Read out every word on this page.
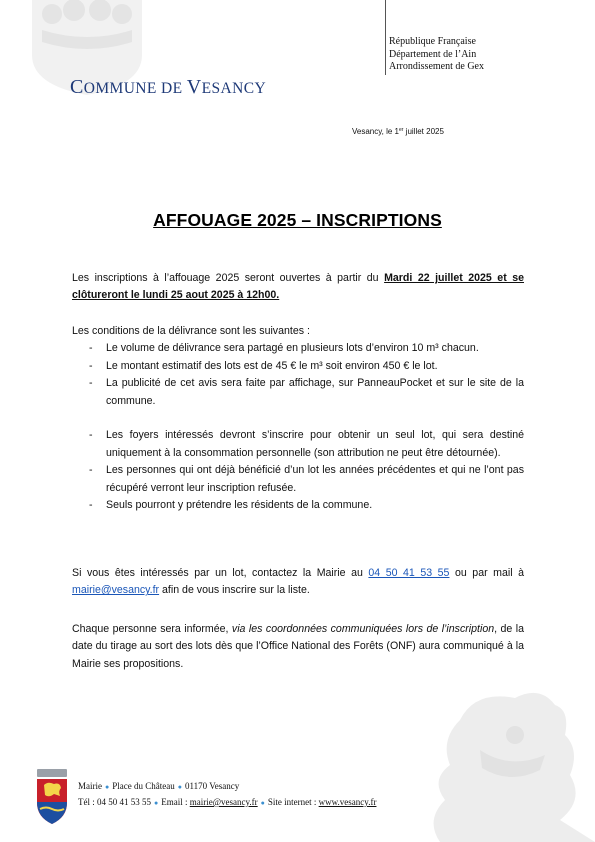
République Française
Département de l’Ain
Arrondissement de Gex
COMMUNE DE VESANCY
Vesancy, le 1er juillet 2025
AFFOUAGE 2025 – INSCRIPTIONS
Les inscriptions à l’affouage 2025 seront ouvertes à partir du Mardi 22 juillet 2025 et se clôtureront le lundi 25 aout 2025 à 12h00.
Les conditions de la délivrance sont les suivantes :
- Le volume de délivrance sera partagé en plusieurs lots d’environ 10 m³ chacun.
- Le montant estimatif des lots est de 45 € le m³ soit environ 450 € le lot.
- La publicité de cet avis sera faite par affichage, sur PanneauPocket et sur le site de la commune.
- Les foyers intéressés devront s’inscrire pour obtenir un seul lot, qui sera destiné uniquement à la consommation personnelle (son attribution ne peut être détournée).
- Les personnes qui ont déjà bénéficié d’un lot les années précédentes et qui ne l’ont pas récupéré verront leur inscription refusée.
- Seuls pourront y prétendre les résidents de la commune.
Si vous êtes intéressés par un lot, contactez la Mairie au 04 50 41 53 55 ou par mail à mairie@vesancy.fr afin de vous inscrire sur la liste.
Chaque personne sera informée, via les coordonnées communiquées lors de l’inscription, de la date du tirage au sort des lots dès que l’Office National des Forêts (ONF) aura communiqué à la Mairie ses propositions.
Mairie ● Place du Château ● 01170 Vesancy
Tél : 04 50 41 53 55 ● Email : mairie@vesancy.fr ● Site internet : www.vesancy.fr
